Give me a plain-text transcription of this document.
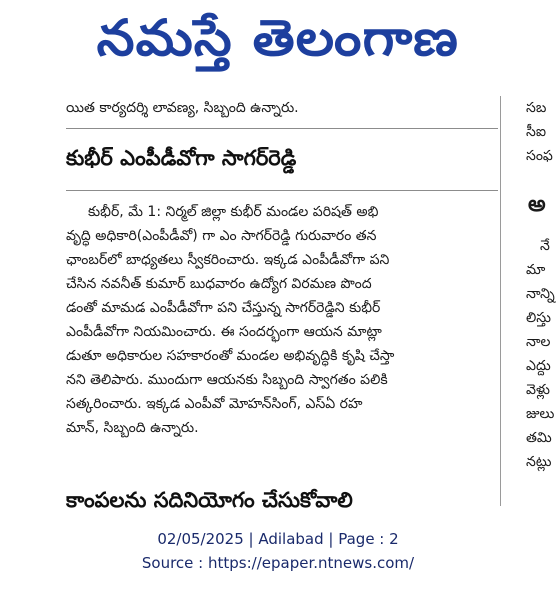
నమస్తే తెలంగాణ
యిత కార్యదర్శి లావణ్య, సిబ్బంది ఉన్నారు.
కుభీర్ ఎంపీడీవోగా సాగర్‌రెడ్డి
కుభీర్, మే 1: నిర్మల్ జిల్లా కుభీర్ మండల పరిషత్ అభి
వృద్ధి అధికారి(ఎంపీడీవో) గా ఎం సాగర్‌రెడ్డి గురువారం తన
ఛాంబర్‌లో బాధ్యతలు స్వీకరించారు. ఇక్కడ ఎంపీడీవోగా పని
చేసిన నవనీత్ కుమార్ బుధవారం ఉద్యోగ విరమణ పొంద
డంతో మామడ ఎంపీడీవోగా పని చేస్తున్న సాగర్‌రెడ్డిని కుభీర్
ఎంపీడీవోగా నియమించారు. ఈ సందర్భంగా ఆయన మాట్లా
డుతూ అధికారుల సహకారంతో మండల అభివృద్ధికి కృషి చేస్తా
నని తెలిపారు. ముందుగా ఆయనకు సిబ్బంది స్వాగతం పలికి
సత్కరించారు. ఇక్కడ ఎంపీవో మోహన్‌సింగ్, ఎస్ఏ రహ
మాన్, సిబ్బంది ఉన్నారు.
కాంపలను సదినియోగం చేసుకోవాలి
సబ
సీఐ
సంఫ
అ
నే
మా
నాన్ని
లిస్తు
నాల
ఎద్దు
వెళ్లు
జులు
తమి
నట్లు
02/05/2025 | Adilabad | Page : 2
Source : https://epaper.ntnews.com/
